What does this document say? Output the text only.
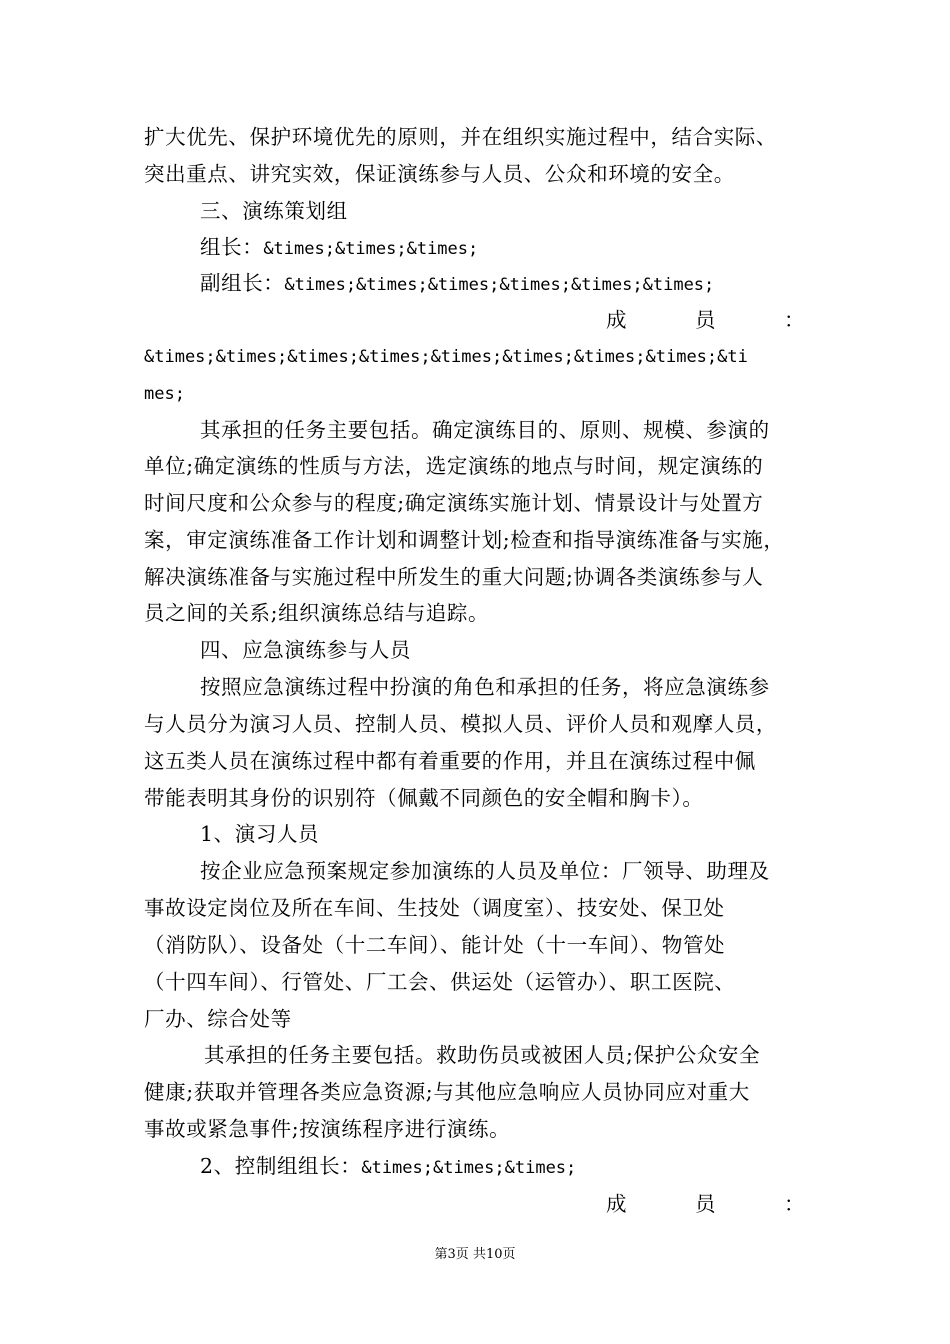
扩大优先、保护环境优先的原则，并在组织实施过程中，结合实际、
突出重点、讲究实效，保证演练参与人员、公众和环境的安全。
三、演练策划组
组长：&times;&times;&times;
副组长：&times;&times;&times;&times;&times;&times;
成	员	：
&times;&times;&times;&times;&times;&times;&times;&times;&ti
mes;
其承担的任务主要包括。确定演练目的、原则、规模、参演的
单位;确定演练的性质与方法，选定演练的地点与时间，规定演练的
时间尺度和公众参与的程度;确定演练实施计划、情景设计与处置方
案，审定演练准备工作计划和调整计划;检查和指导演练准备与实施，
解决演练准备与实施过程中所发生的重大问题;协调各类演练参与人
员之间的关系;组织演练总结与追踪。
四、应急演练参与人员
按照应急演练过程中扮演的角色和承担的任务，将应急演练参
与人员分为演习人员、控制人员、模拟人员、评价人员和观摩人员，
这五类人员在演练过程中都有着重要的作用，并且在演练过程中佩
带能表明其身份的识别符（佩戴不同颜色的安全帽和胸卡）。
1、演习人员
按企业应急预案规定参加演练的人员及单位：厂领导、助理及
事故设定岗位及所在车间、生技处（调度室）、技安处、保卫处
（消防队）、设备处（十二车间）、能计处（十一车间）、物管处
（十四车间）、行管处、厂工会、供运处（运管办）、职工医院、
厂办、综合处等
其承担的任务主要包括。救助伤员或被困人员;保护公众安全
健康;获取并管理各类应急资源;与其他应急响应人员协同应对重大
事故或紧急事件;按演练程序进行演练。
2、控制组组长：&times;&times;&times;
成	员	：
第3页 共10页
